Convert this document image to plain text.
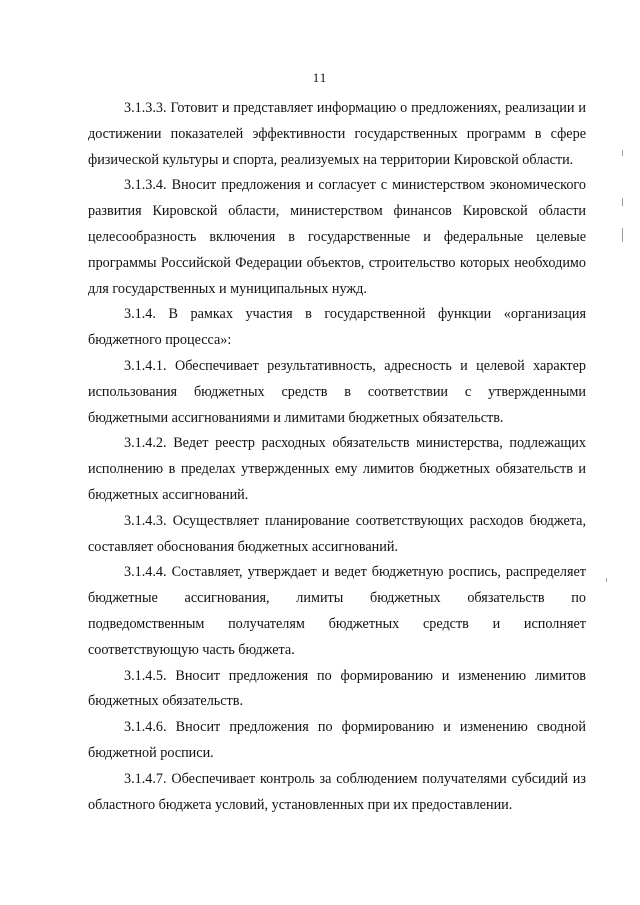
11

3.1.3.3. Готовит и представляет информацию о предложениях, реализации и достижении показателей эффективности государственных программ в сфере физической культуры и спорта, реализуемых на территории Кировской области.

3.1.3.4. Вносит предложения и согласует с министерством экономического развития Кировской области, министерством финансов Кировской области целесообразность включения в государственные и федеральные целевые программы Российской Федерации объектов, строительство которых необходимо для государственных и муниципальных нужд.

3.1.4. В рамках участия в государственной функции «организация бюджетного процесса»:

3.1.4.1. Обеспечивает результативность, адресность и целевой характер использования бюджетных средств в соответствии с утвержденными бюджетными ассигнованиями и лимитами бюджетных обязательств.

3.1.4.2. Ведет реестр расходных обязательств министерства, подлежащих исполнению в пределах утвержденных ему лимитов бюджетных обязательств и бюджетных ассигнований.

3.1.4.3. Осуществляет планирование соответствующих расходов бюджета, составляет обоснования бюджетных ассигнований.

3.1.4.4. Составляет, утверждает и ведет бюджетную роспись, распределяет бюджетные ассигнования, лимиты бюджетных обязательств по подведомственным получателям бюджетных средств и исполняет соответствующую часть бюджета.

3.1.4.5. Вносит предложения по формированию и изменению лимитов бюджетных обязательств.

3.1.4.6. Вносит предложения по формированию и изменению сводной бюджетной росписи.

3.1.4.7. Обеспечивает контроль за соблюдением получателями субсидий из областного бюджета условий, установленных при их предоставлении.
